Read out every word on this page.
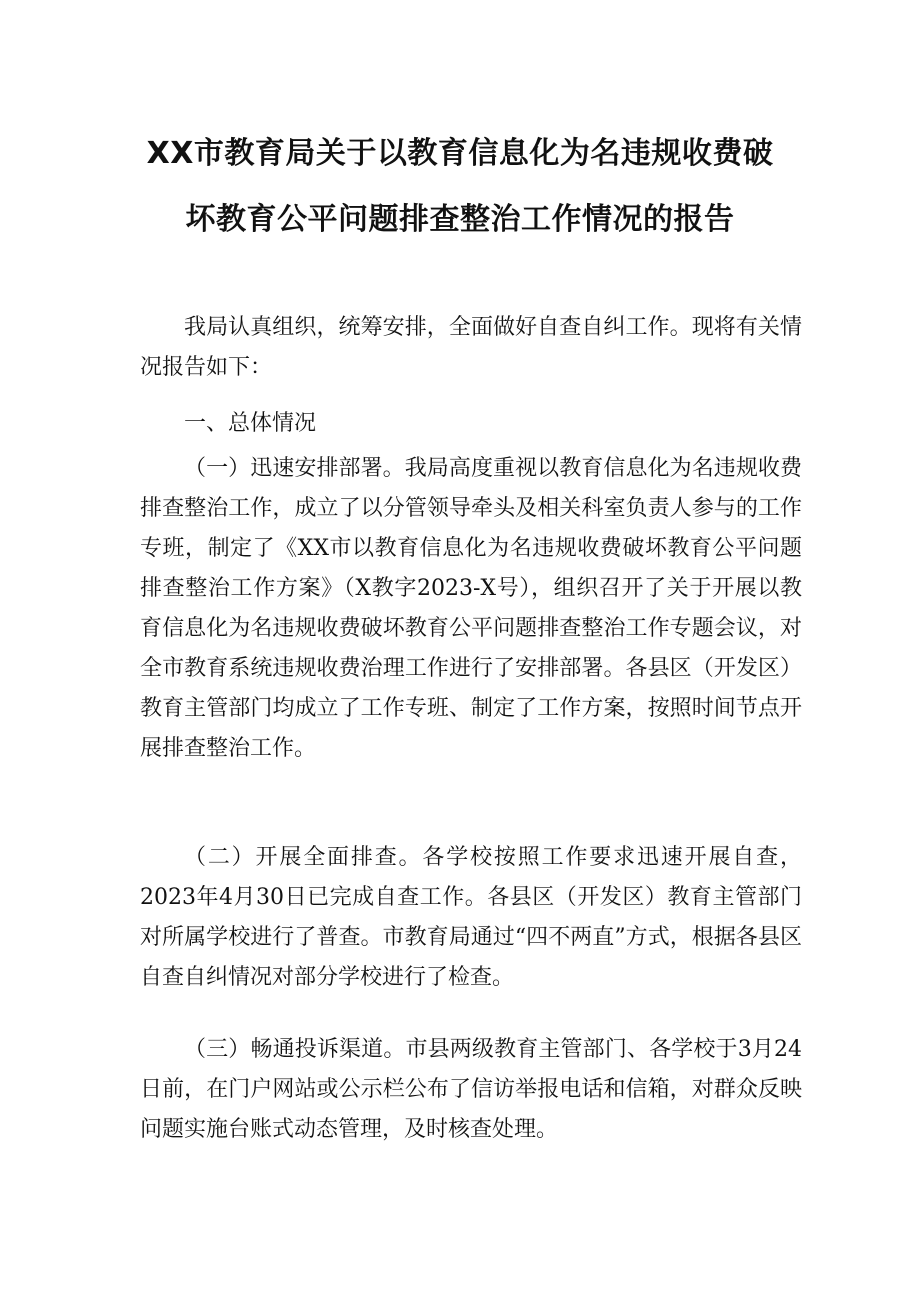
XX市教育局关于以教育信息化为名违规收费破
坏教育公平问题排查整治工作情况的报告

我局认真组织，统筹安排，全面做好自查自纠工作。现将有关情况报告如下：

一、总体情况

（一）迅速安排部署。我局高度重视以教育信息化为名违规收费排查整治工作，成立了以分管领导牵头及相关科室负责人参与的工作专班，制定了《XX市以教育信息化为名违规收费破坏教育公平问题排查整治工作方案》（X教字2023-X号），组织召开了关于开展以教育信息化为名违规收费破坏教育公平问题排查整治工作专题会议，对全市教育系统违规收费治理工作进行了安排部署。各县区（开发区）教育主管部门均成立了工作专班、制定了工作方案，按照时间节点开展排查整治工作。

（二）开展全面排查。各学校按照工作要求迅速开展自查，2023年4月30日已完成自查工作。各县区（开发区）教育主管部门对所属学校进行了普查。市教育局通过“四不两直”方式，根据各县区自查自纠情况对部分学校进行了检查。

（三）畅通投诉渠道。市县两级教育主管部门、各学校于3月24日前，在门户网站或公示栏公布了信访举报电话和信箱，对群众反映问题实施台账式动态管理，及时核查处理。
